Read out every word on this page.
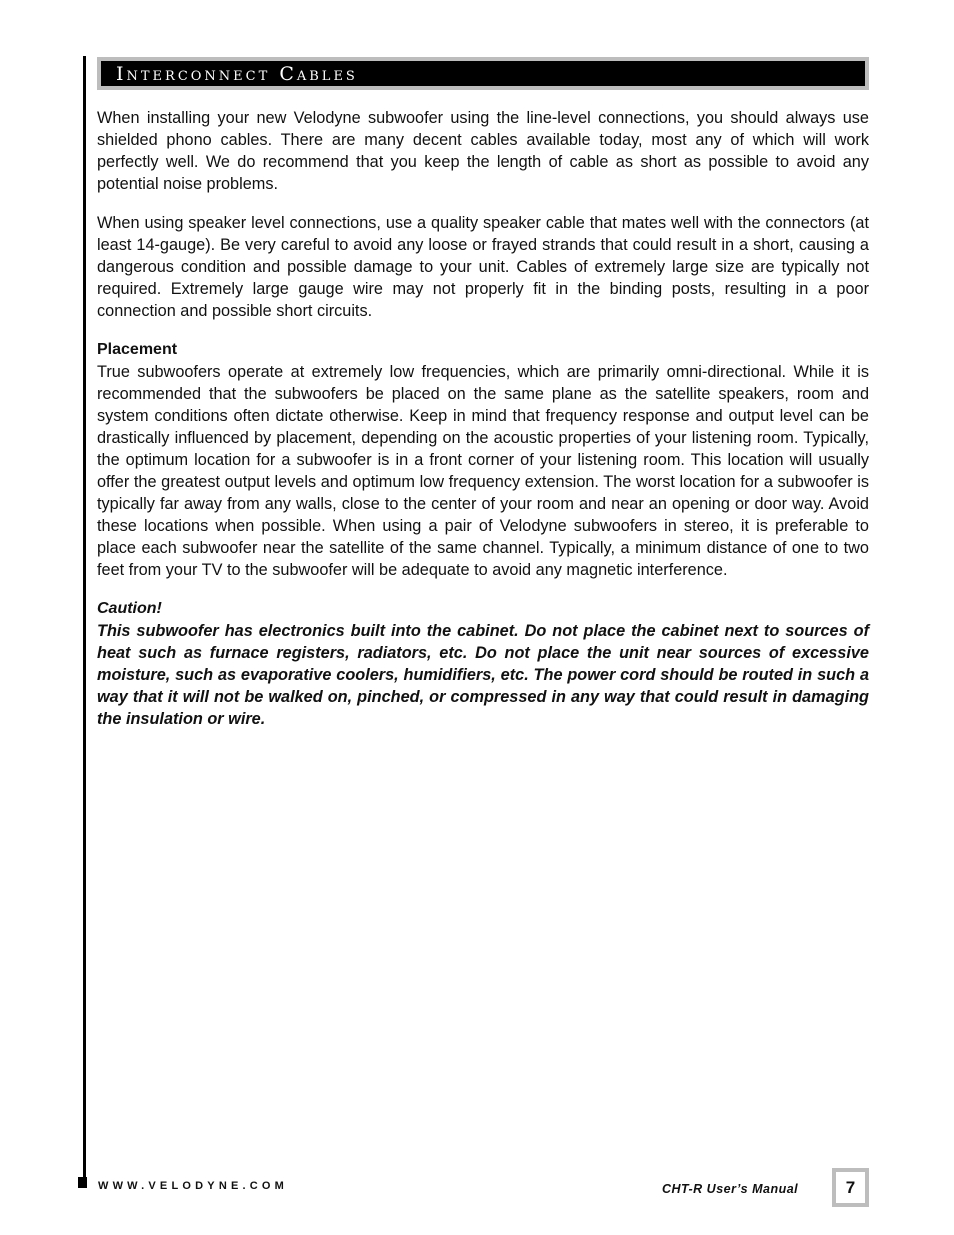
Interconnect Cables

When installing your new Velodyne subwoofer using the line-level connections, you should always use shielded phono cables. There are many decent cables available today, most any of which will work perfectly well. We do recommend that you keep the length of cable as short as possible to avoid any potential noise problems.

When using speaker level connections, use a quality speaker cable that mates well with the connectors (at least 14-gauge). Be very careful to avoid any loose or frayed strands that could result in a short, causing a dangerous condition and possible damage to your unit. Cables of extremely large size are typically not required. Extremely large gauge wire may not properly fit in the binding posts, resulting in a poor connection and possible short circuits.

Placement

True subwoofers operate at extremely low frequencies, which are primarily omni-directional. While it is recommended that the subwoofers be placed on the same plane as the satellite speakers, room and system conditions often dictate otherwise. Keep in mind that frequency response and output level can be drastically influenced by placement, depending on the acoustic properties of your listening room. Typically, the optimum location for a subwoofer is in a front corner of your listening room. This location will usually offer the greatest output levels and optimum low frequency extension. The worst location for a subwoofer is typically far away from any walls, close to the center of your room and near an opening or door way. Avoid these locations when possible. When using a pair of Velodyne subwoofers in stereo, it is preferable to place each subwoofer near the satellite of the same channel. Typically, a minimum distance of one to two feet from your TV to the subwoofer will be adequate to avoid any magnetic interference.

Caution!
This subwoofer has electronics built into the cabinet. Do not place the cabinet next to sources of heat such as furnace registers, radiators, etc. Do not place the unit near sources of excessive moisture, such as evaporative coolers, humidifiers, etc. The power cord should be routed in such a way that it will not be walked on, pinched, or compressed in any way that could result in damaging the insulation or wire.
WWW.VELODYNE.COM	CHT-R User’s Manual	7
